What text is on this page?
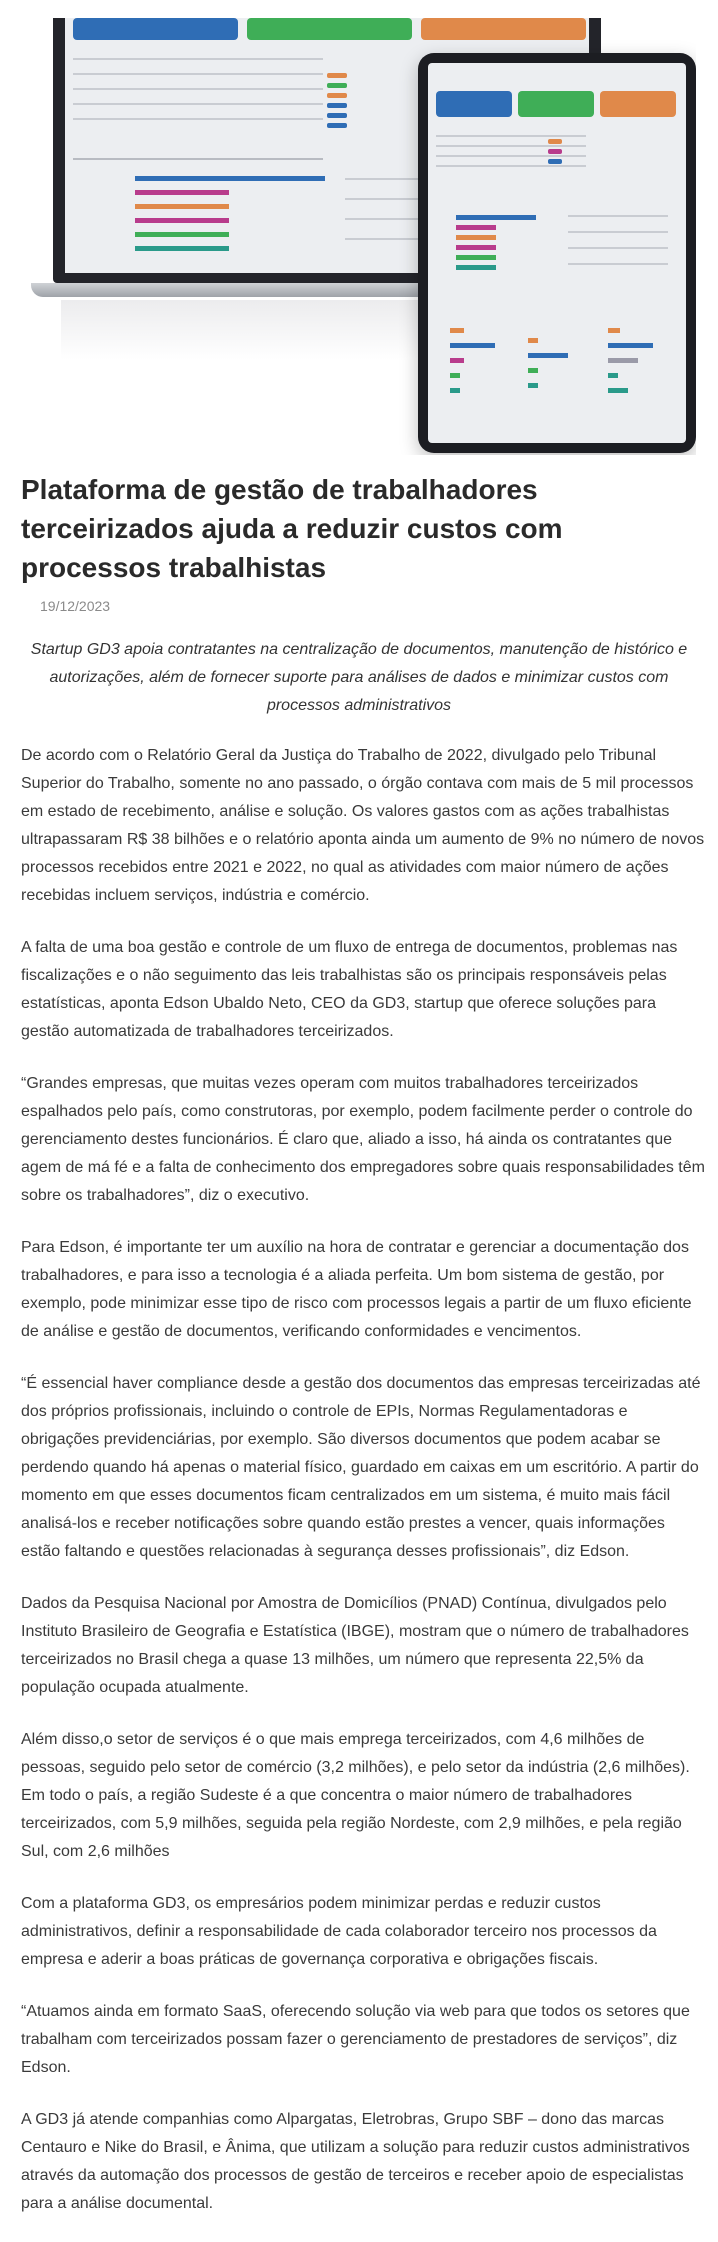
Plataforma de gestão de trabalhadores terceirizados ajuda a reduzir custos com processos trabalhistas
19/12/2023

Startup GD3 apoia contratantes na centralização de documentos, manutenção de histórico e autorizações, além de fornecer suporte para análises de dados e minimizar custos com processos administrativos

De acordo com o Relatório Geral da Justiça do Trabalho de 2022, divulgado pelo Tribunal Superior do Trabalho, somente no ano passado, o órgão contava com mais de 5 mil processos em estado de recebimento, análise e solução. Os valores gastos com as ações trabalhistas ultrapassaram R$ 38 bilhões e o relatório aponta ainda um aumento de 9% no número de novos processos recebidos entre 2021 e 2022, no qual as atividades com maior número de ações recebidas incluem serviços, indústria e comércio.

A falta de uma boa gestão e controle de um fluxo de entrega de documentos, problemas nas fiscalizações e o não seguimento das leis trabalhistas são os principais responsáveis pelas estatísticas, aponta Edson Ubaldo Neto, CEO da GD3, startup que oferece soluções para gestão automatizada de trabalhadores terceirizados.

“Grandes empresas, que muitas vezes operam com muitos trabalhadores terceirizados espalhados pelo país, como construtoras, por exemplo, podem facilmente perder o controle do gerenciamento destes funcionários. É claro que, aliado a isso, há ainda os contratantes que agem de má fé e a falta de conhecimento dos empregadores sobre quais responsabilidades têm sobre os trabalhadores”, diz o executivo.

Para Edson, é importante ter um auxílio na hora de contratar e gerenciar a documentação dos trabalhadores, e para isso a tecnologia é a aliada perfeita. Um bom sistema de gestão, por exemplo, pode minimizar esse tipo de risco com processos legais a partir de um fluxo eficiente de análise e gestão de documentos, verificando conformidades e vencimentos.

“É essencial haver compliance desde a gestão dos documentos das empresas terceirizadas até dos próprios profissionais, incluindo o controle de EPIs, Normas Regulamentadoras e obrigações previdenciárias, por exemplo. São diversos documentos que podem acabar se perdendo quando há apenas o material físico, guardado em caixas em um escritório. A partir do momento em que esses documentos ficam centralizados em um sistema, é muito mais fácil analisá-los e receber notificações sobre quando estão prestes a vencer, quais informações estão faltando e questões relacionadas à segurança desses profissionais”, diz Edson.

Dados da Pesquisa Nacional por Amostra de Domicílios (PNAD) Contínua, divulgados pelo Instituto Brasileiro de Geografia e Estatística (IBGE), mostram que o número de trabalhadores terceirizados no Brasil chega a quase 13 milhões, um número que representa 22,5% da população ocupada atualmente.

Além disso,o setor de serviços é o que mais emprega terceirizados, com 4,6 milhões de pessoas, seguido pelo setor de comércio (3,2 milhões), e pelo setor da indústria (2,6 milhões). Em todo o país, a região Sudeste é a que concentra o maior número de trabalhadores terceirizados, com 5,9 milhões, seguida pela região Nordeste, com 2,9 milhões, e pela região Sul, com 2,6 milhões

Com a plataforma GD3, os empresários podem minimizar perdas e reduzir custos administrativos, definir a responsabilidade de cada colaborador terceiro nos processos da empresa e aderir a boas práticas de governança corporativa e obrigações fiscais.

“Atuamos ainda em formato SaaS, oferecendo solução via web para que todos os setores que trabalham com terceirizados possam fazer o gerenciamento de prestadores de serviços”, diz Edson.

A GD3 já atende companhias como Alpargatas, Eletrobras, Grupo SBF – dono das marcas Centauro e Nike do Brasil, e Ânima, que utilizam a solução para reduzir custos administrativos através da automação dos processos de gestão de terceiros e receber apoio de especialistas para a análise documental.
